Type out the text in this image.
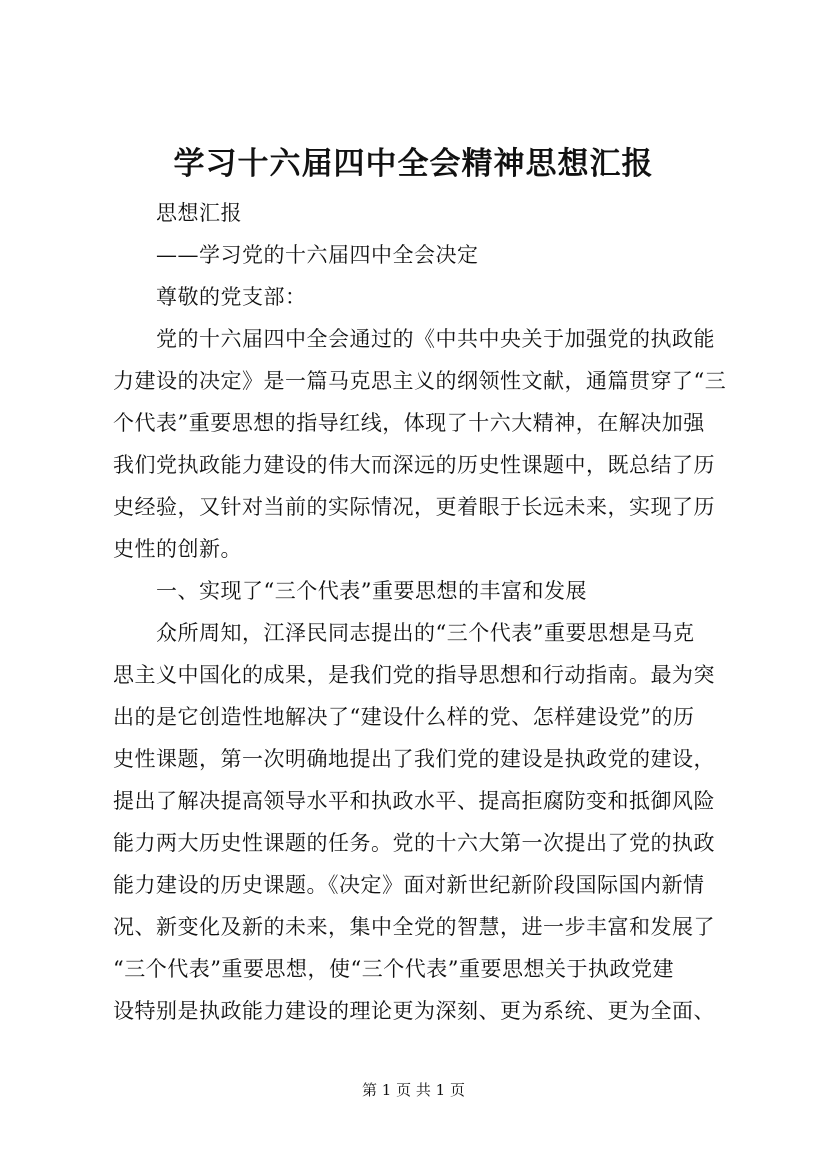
学习十六届四中全会精神思想汇报
思想汇报
——学习党的十六届四中全会决定
尊敬的党支部：
党的十六届四中全会通过的《中共中央关于加强党的执政能
力建设的决定》是一篇马克思主义的纲领性文献，通篇贯穿了“三
个代表”重要思想的指导红线，体现了十六大精神，在解决加强
我们党执政能力建设的伟大而深远的历史性课题中，既总结了历
史经验，又针对当前的实际情况，更着眼于长远未来，实现了历
史性的创新。
一、实现了“三个代表”重要思想的丰富和发展
众所周知，江泽民同志提出的“三个代表”重要思想是马克
思主义中国化的成果，是我们党的指导思想和行动指南。最为突
出的是它创造性地解决了“建设什么样的党、怎样建设党”的历
史性课题，第一次明确地提出了我们党的建设是执政党的建设，
提出了解决提高领导水平和执政水平、提高拒腐防变和抵御风险
能力两大历史性课题的任务。党的十六大第一次提出了党的执政
能力建设的历史课题。《决定》面对新世纪新阶段国际国内新情
况、新变化及新的未来，集中全党的智慧，进一步丰富和发展了
“三个代表”重要思想，使“三个代表”重要思想关于执政党建
设特别是执政能力建设的理论更为深刻、更为系统、更为全面、
第 1 页 共 1 页
